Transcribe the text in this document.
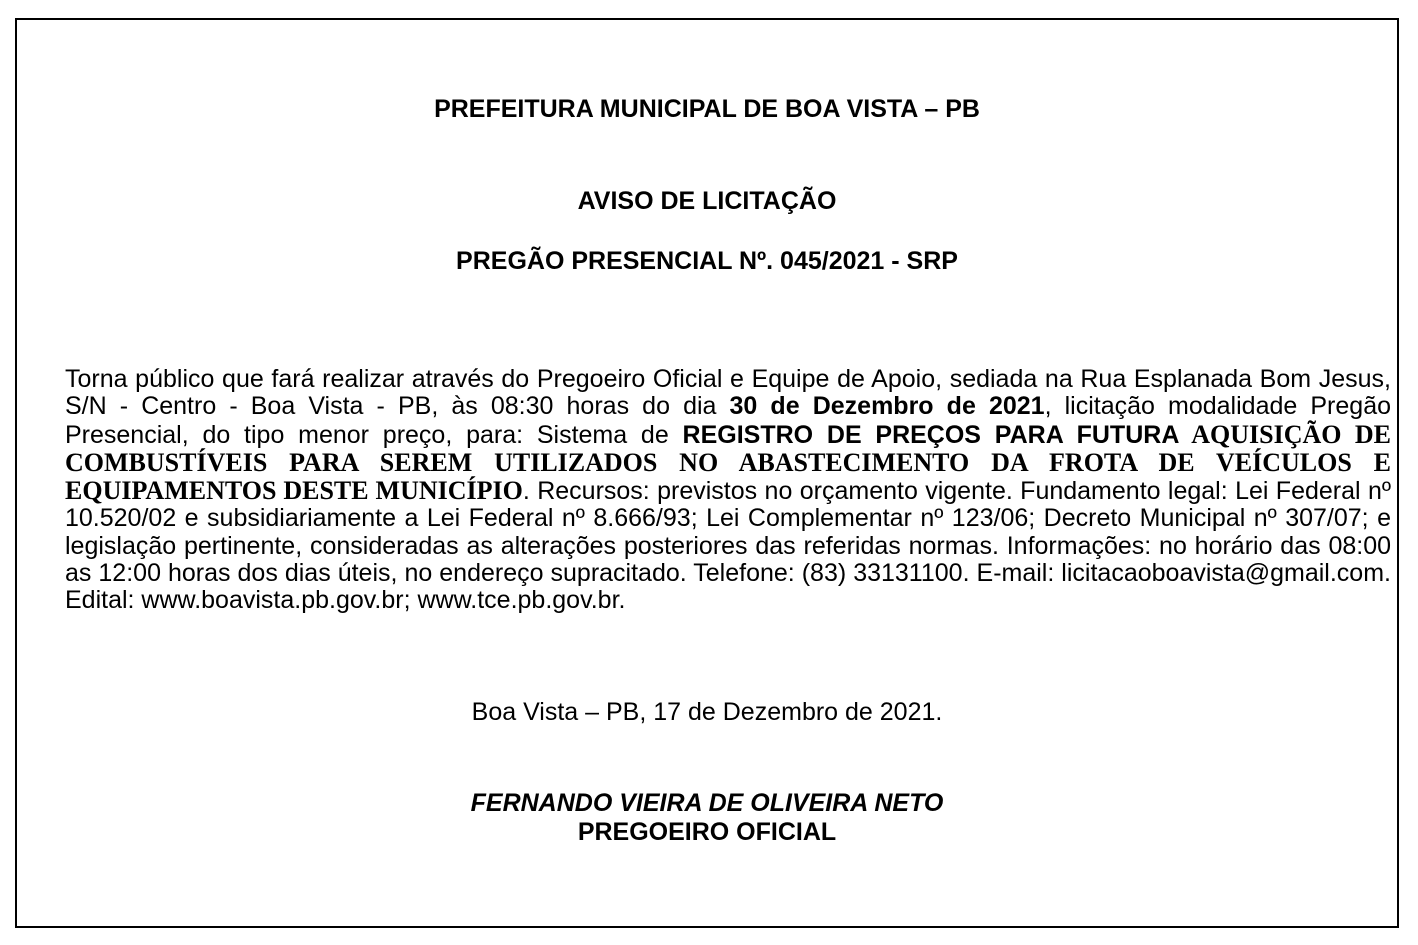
PREFEITURA MUNICIPAL DE BOA VISTA – PB
AVISO DE LICITAÇÃO
PREGÃO PRESENCIAL Nº. 045/2021 - SRP

Torna público que fará realizar através do Pregoeiro Oficial e Equipe de Apoio, sediada na Rua Esplanada Bom Jesus, S/N - Centro - Boa Vista - PB, às 08:30 horas do dia 30 de Dezembro de 2021, licitação modalidade Pregão Presencial, do tipo menor preço, para: Sistema de REGISTRO DE PREÇOS PARA FUTURA AQUISIÇÃO DE COMBUSTÍVEIS PARA SEREM UTILIZADOS NO ABASTECIMENTO DA FROTA DE VEÍCULOS E EQUIPAMENTOS DESTE MUNICÍPIO. Recursos: previstos no orçamento vigente. Fundamento legal: Lei Federal nº 10.520/02 e subsidiariamente a Lei Federal nº 8.666/93; Lei Complementar nº 123/06; Decreto Municipal nº 307/07; e legislação pertinente, consideradas as alterações posteriores das referidas normas. Informações: no horário das 08:00 as 12:00 horas dos dias úteis, no endereço supracitado. Telefone: (83) 33131100. E-mail: licitacaoboavista@gmail.com. Edital: www.boavista.pb.gov.br; www.tce.pb.gov.br.

Boa Vista – PB, 17 de Dezembro de 2021.
FERNANDO VIEIRA DE OLIVEIRA NETO
PREGOEIRO OFICIAL
